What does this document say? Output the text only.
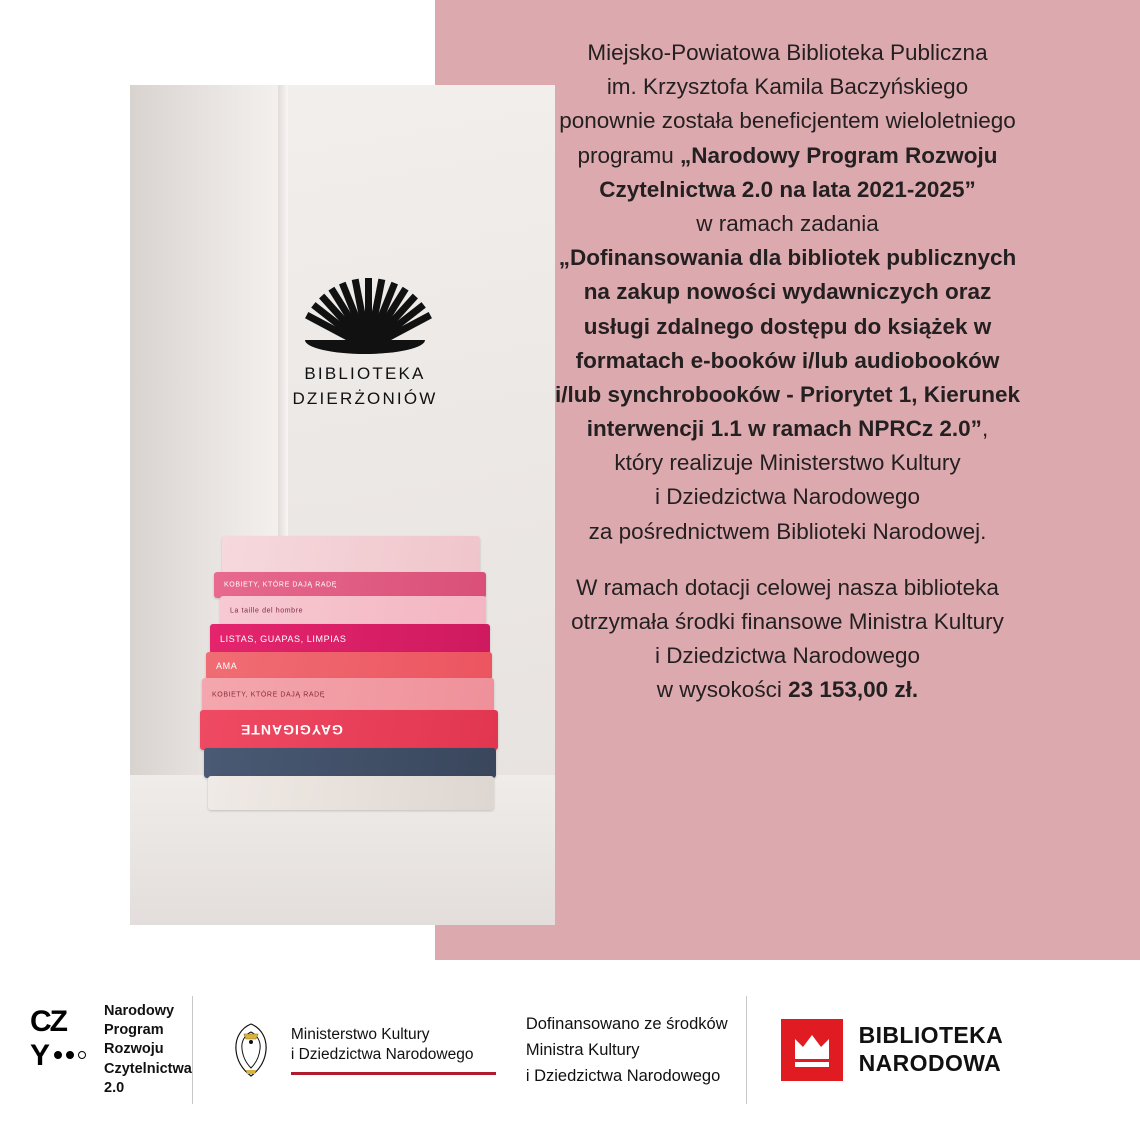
Miejsko-Powiatowa Biblioteka Publiczna

im. Krzysztofa Kamila Baczyńskiego

ponownie została beneficjentem wieloletniego

programu „Narodowy Program Rozwoju

Czytelnictwa 2.0 na lata 2021-2025”

w ramach zadania

„Dofinansowania dla bibliotek publicznych

na zakup nowości wydawniczych oraz

usługi zdalnego dostępu do książek w

formatach e-booków i/lub audiobooków

i/lub synchrobooków - Priorytet 1, Kierunek

interwencji 1.1 w ramach NPRCz 2.0”,

który realizuje Ministerstwo Kultury

i Dziedzictwa Narodowego

za pośrednictwem Biblioteki Narodowej.

W ramach dotacji celowej nasza biblioteka

otrzymała środki finansowe Ministra Kultury

i Dziedzictwa Narodowego

w wysokości 23 153,00 zł.

BIBLIOTEKA
DZIERŻONIÓW
KOBIETY, KTÓRE DAJĄ RADĘ
La taille del hombre
LISTAS, GUAPAS, LIMPIAS
AMA
KOBIETY, KTÓRE DAJĄ RADĘ
GAYGIGANTE
CZ
Y
Narodowy
Program
Rozwoju
Czytelnictwa
2.0
Ministerstwo Kultury
i Dziedzictwa Narodowego
Dofinansowano ze środków
Ministra Kultury
i Dziedzictwa Narodowego
BIBLIOTEKA
NARODOWA
